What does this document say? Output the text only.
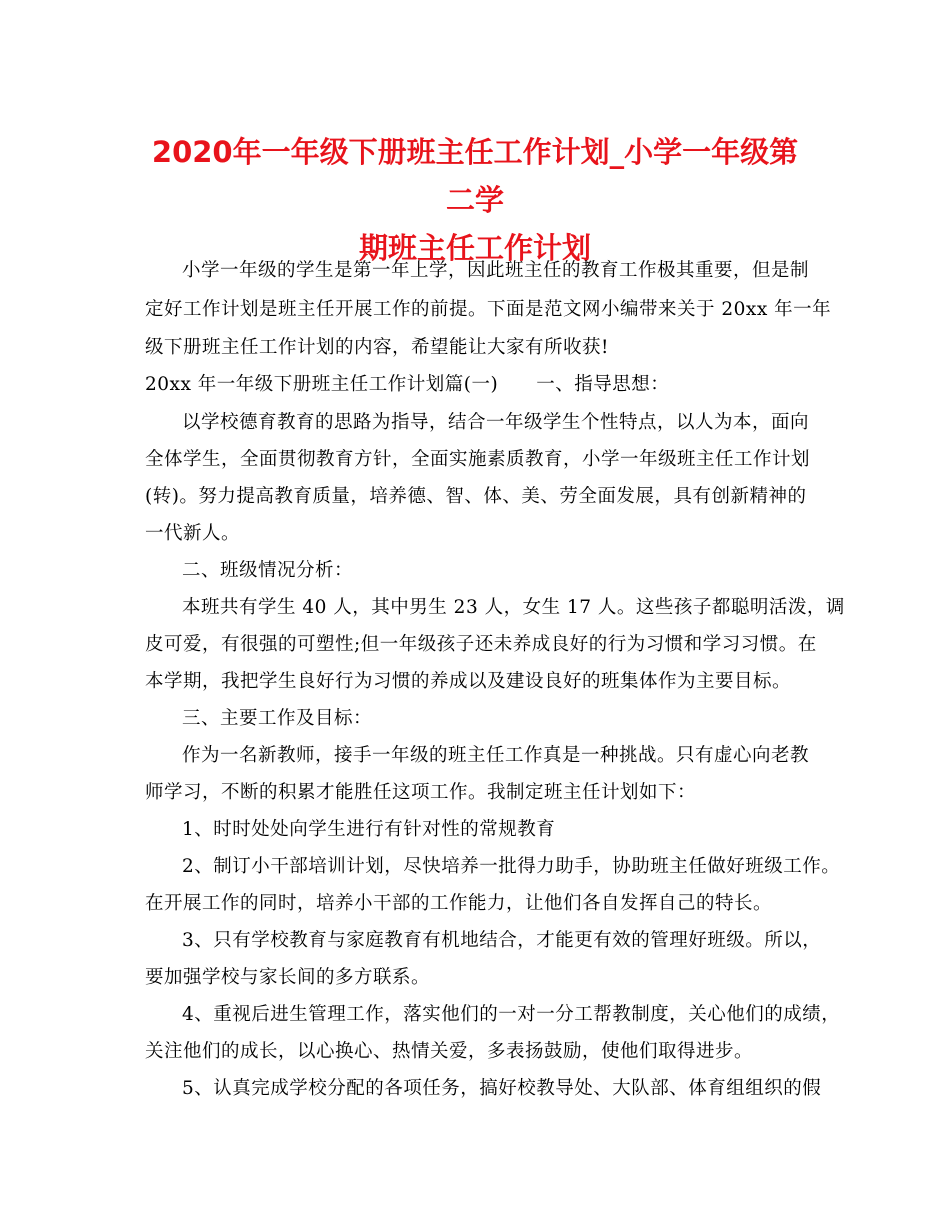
2020年一年级下册班主任工作计划_小学一年级第二学
期班主任工作计划
小学一年级的学生是第一年上学，因此班主任的教育工作极其重要，但是制
定好工作计划是班主任开展工作的前提。下面是范文网小编带来关于 20xx 年一年
级下册班主任工作计划的内容，希望能让大家有所收获!
20xx 年一年级下册班主任工作计划篇(一)　　一、指导思想：
以学校德育教育的思路为指导，结合一年级学生个性特点，以人为本，面向
全体学生，全面贯彻教育方针，全面实施素质教育，小学一年级班主任工作计划
(转)。努力提高教育质量，培养德、智、体、美、劳全面发展，具有创新精神的
一代新人。
二、班级情况分析：
本班共有学生 40 人，其中男生 23 人，女生 17 人。这些孩子都聪明活泼，调
皮可爱，有很强的可塑性;但一年级孩子还未养成良好的行为习惯和学习习惯。在
本学期，我把学生良好行为习惯的养成以及建设良好的班集体作为主要目标。
三、主要工作及目标：
作为一名新教师，接手一年级的班主任工作真是一种挑战。只有虚心向老教
师学习，不断的积累才能胜任这项工作。我制定班主任计划如下：
1、时时处处向学生进行有针对性的常规教育
2、制订小干部培训计划，尽快培养一批得力助手，协助班主任做好班级工作。
在开展工作的同时，培养小干部的工作能力，让他们各自发挥自己的特长。
3、只有学校教育与家庭教育有机地结合，才能更有效的管理好班级。所以，
要加强学校与家长间的多方联系。
4、重视后进生管理工作，落实他们的一对一分工帮教制度，关心他们的成绩，
关注他们的成长，以心换心、热情关爱，多表扬鼓励，使他们取得进步。
5、认真完成学校分配的各项任务，搞好校教导处、大队部、体育组组织的假
